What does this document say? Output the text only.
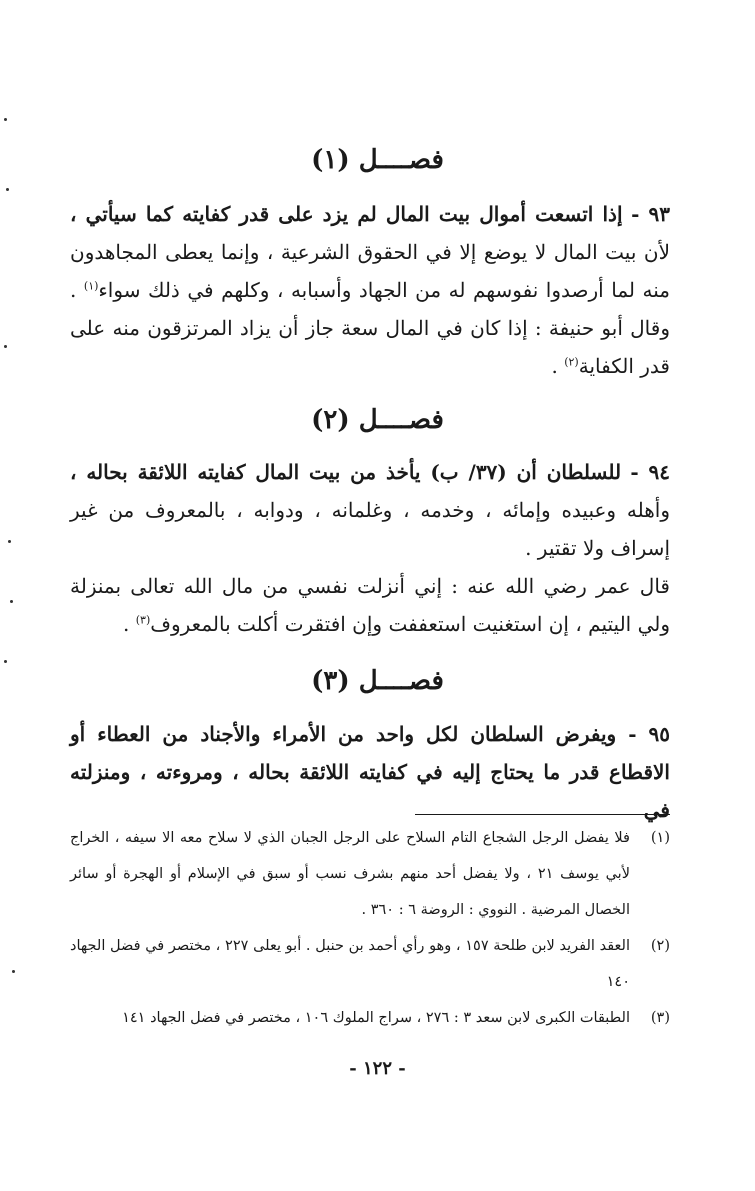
فصــــل (١)

٩٣ - إذا اتسعت أموال بيت المال لم يزد على قدر كفايته كما سيأتي ، لأن بيت المال لا يوضع إلا في الحقوق الشرعية ، وإنما يعطى المجاهدون منه لما أرصدوا نفوسهم له من الجهاد وأسبابه ، وكلهم في ذلك سواء$^{(١)}$ . وقال أبو حنيفة : إذا كان في المال سعة جاز أن يزاد المرتزقون منه على قدر الكفاية$^{(٢)}$ .

فصــــل (٢)

٩٤ - للسلطان أن (٣٧/ ب) يأخذ من بيت المال كفايته اللائقة بحاله ، وأهله وعبيده وإمائه ، وخدمه ، وغلمانه ، ودوابه ، بالمعروف من غير إسراف ولا تقتير .

قال عمر رضي الله عنه : إني أنزلت نفسي من مال الله تعالى بمنزلة ولي اليتيم ، إن استغنيت استعففت وإن افتقرت أكلت بالمعروف$^{(٣)}$ .

فصــــل (٣)

٩٥ - ويفرض السلطان لكل واحد من الأمراء والأجناد من العطاء أو الاقطاع قدر ما يحتاج إليه في كفايته اللائقة بحاله ، ومروءته ، ومنزلته في

(١)
فلا يفضل الرجل الشجاع التام السلاح على الرجل الجبان الذي لا سلاح معه الا سيفه ، الخراج لأبي يوسف ٢١ ، ولا يفضل أحد منهم بشرف نسب أو سبق في الإسلام أو الهجرة أو سائر الخصال المرضية . النووي : الروضة ٦ : ٣٦٠ .
(٢)
العقد الفريد لابن طلحة ١٥٧ ، وهو رأي أحمد بن حنبل . أبو يعلى ٢٢٧ ، مختصر في فضل الجهاد ١٤٠
(٣)
الطبقات الكبرى لابن سعد ٣ : ٢٧٦ ، سراج الملوك ١٠٦ ، مختصر في فضل الجهاد ١٤١
- ١٢٢ -
